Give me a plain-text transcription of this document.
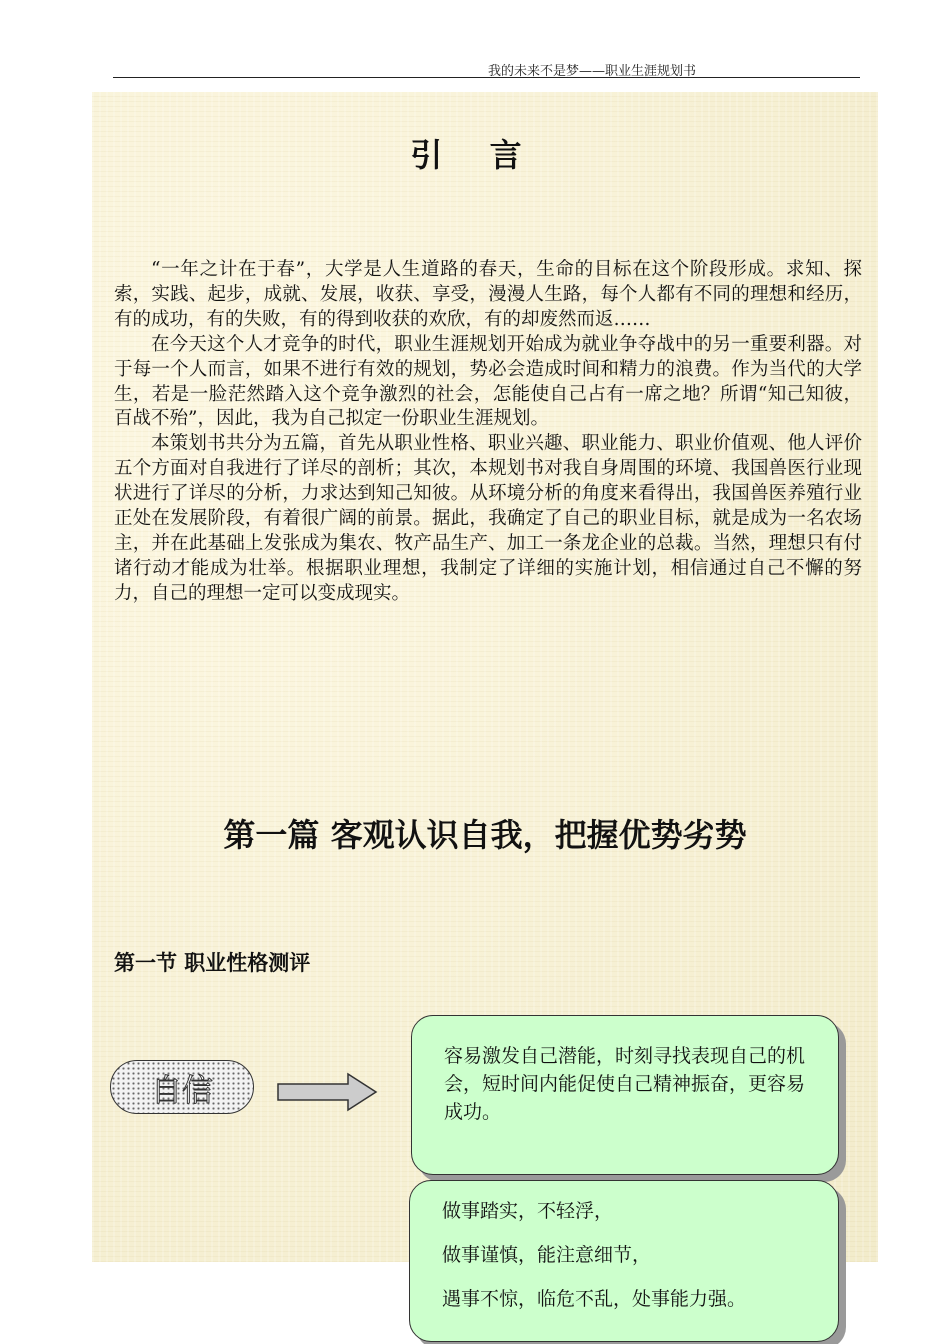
我的未来不是梦——职业生涯规划书
引 言

“一年之计在于春”，大学是人生道路的春天，生命的目标在这个阶段形成。求知、探索，实践、起步，成就、发展，收获、享受，漫漫人生路，每个人都有不同的理想和经历，有的成功，有的失败，有的得到收获的欢欣，有的却废然而返……

在今天这个人才竞争的时代，职业生涯规划开始成为就业争夺战中的另一重要利器。对于每一个人而言，如果不进行有效的规划，势必会造成时间和精力的浪费。作为当代的大学生，若是一脸茫然踏入这个竞争激烈的社会，怎能使自己占有一席之地？所谓“知己知彼，百战不殆”，因此，我为自己拟定一份职业生涯规划。

本策划书共分为五篇，首先从职业性格、职业兴趣、职业能力、职业价值观、他人评价五个方面对自我进行了详尽的剖析；其次，本规划书对我自身周围的环境、我国兽医行业现状进行了详尽的分析，力求达到知己知彼。从环境分析的角度来看得出，我国兽医养殖行业正处在发展阶段，有着很广阔的前景。据此，我确定了自己的职业目标，就是成为一名农场主，并在此基础上发张成为集农、牧产品生产、加工一条龙企业的总裁。当然，理想只有付诸行动才能成为壮举。根据职业理想，我制定了详细的实施计划，相信通过自己不懈的努力，自己的理想一定可以变成现实。

第一篇 客观认识自我，把握优势劣势
第一节 职业性格测评
自信
容易激发自己潜能，时刻寻找表现自己的机会，短时间内能促使自己精神振奋，更容易成功。
做事踏实，不轻浮，
做事谨慎，能注意细节，
遇事不惊，临危不乱，处事能力强。
